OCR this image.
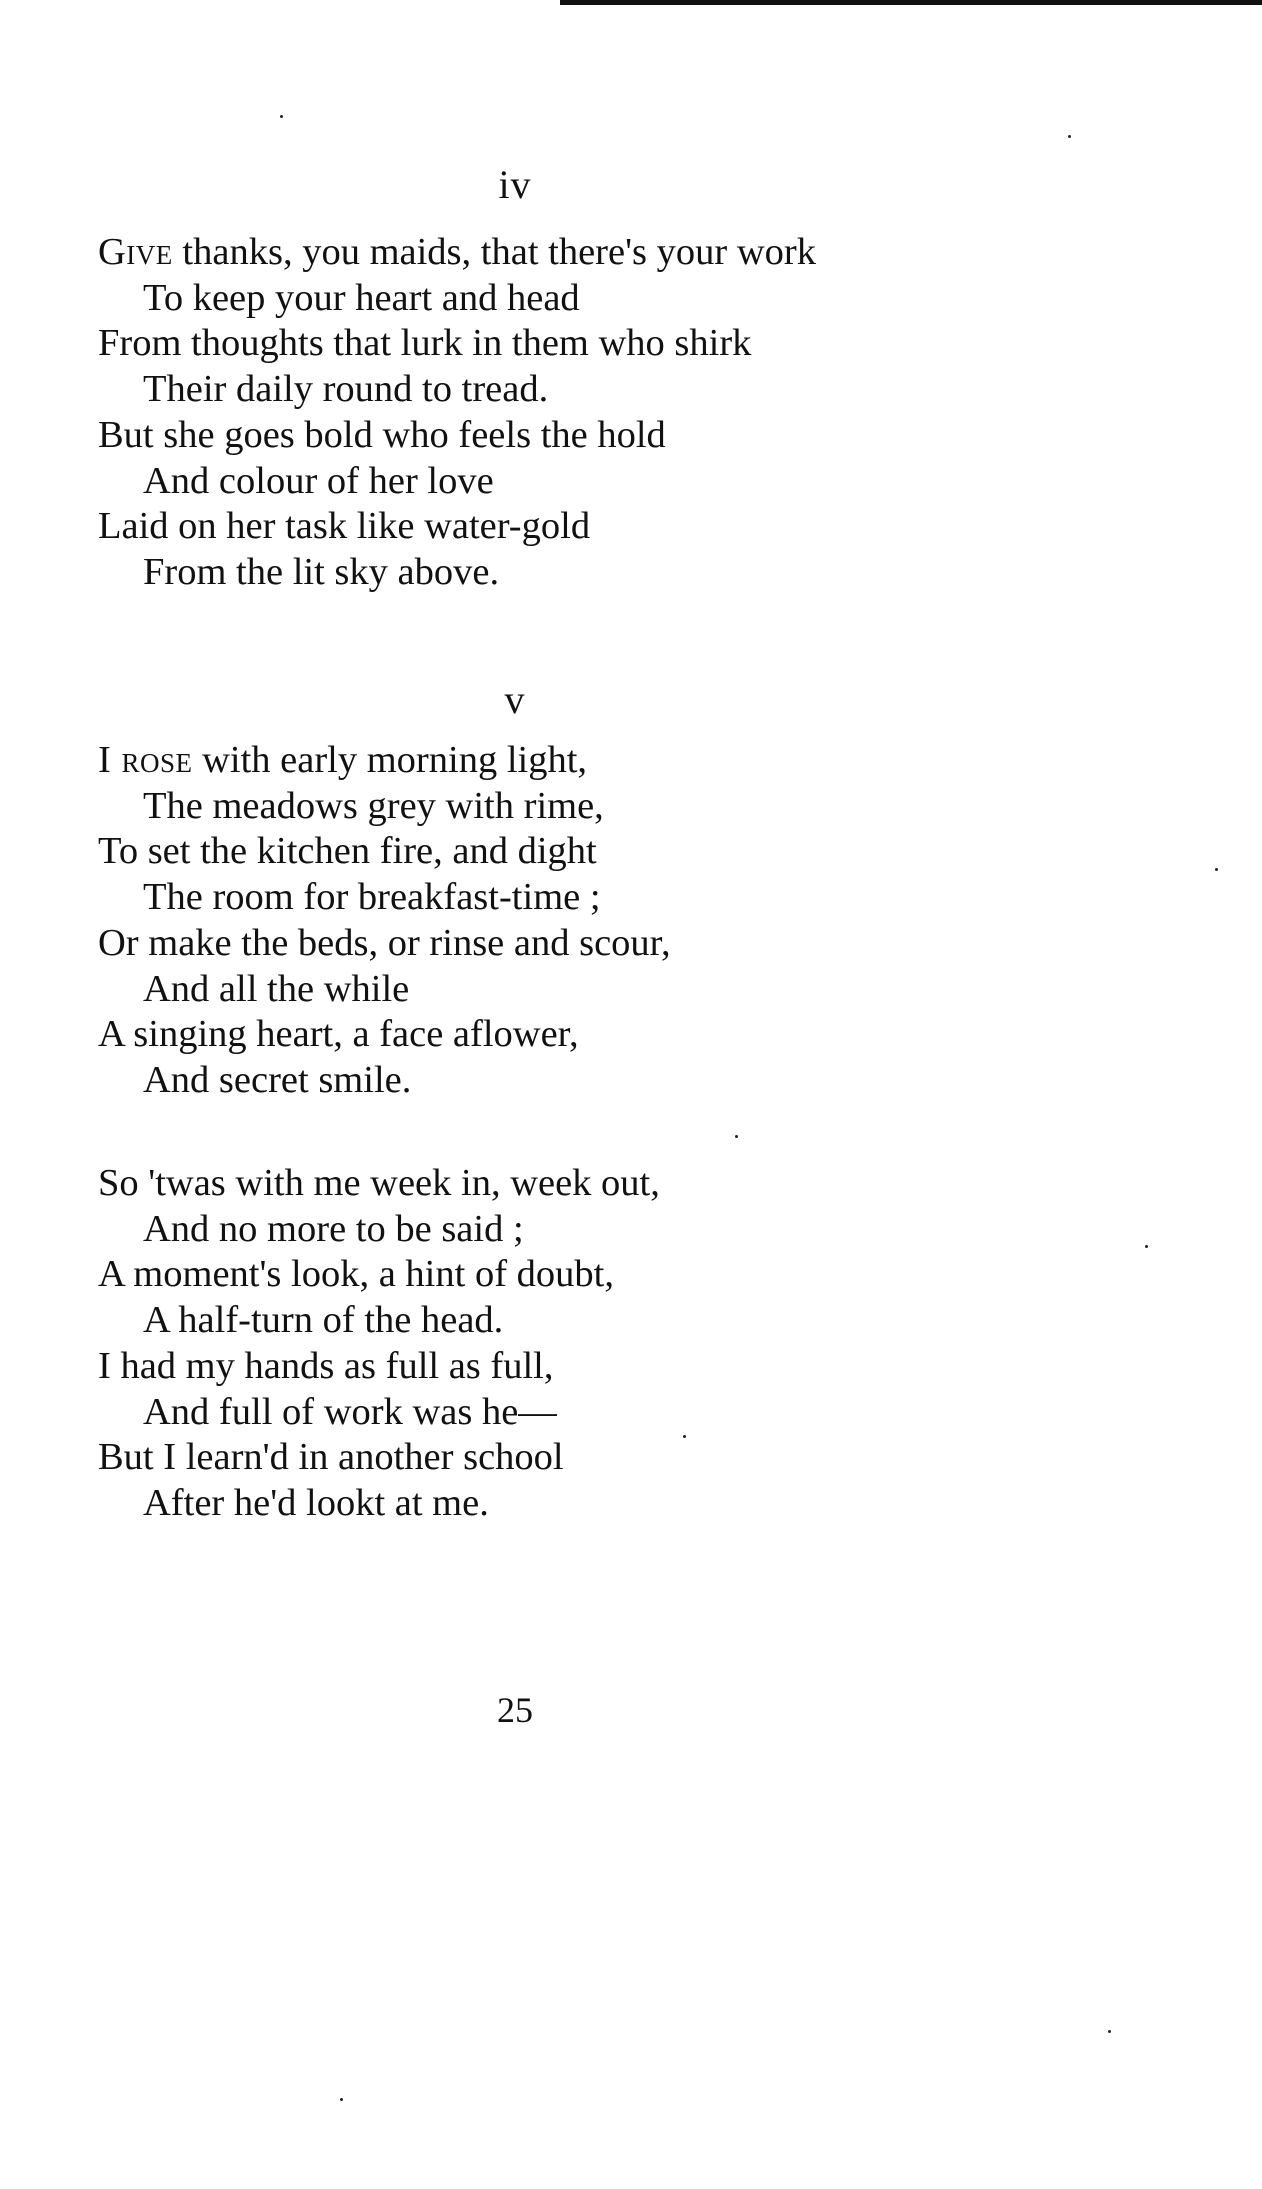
iv
Give thanks, you maids, that there's your work
To keep your heart and head
From thoughts that lurk in them who shirk
Their daily round to tread.
But she goes bold who feels the hold
And colour of her love
Laid on her task like water-gold
From the lit sky above.
v
I rose with early morning light,
The meadows grey with rime,
To set the kitchen fire, and dight
The room for breakfast-time ;
Or make the beds, or rinse and scour,
And all the while
A singing heart, a face aflower,
And secret smile.
So 'twas with me week in, week out,
And no more to be said ;
A moment's look, a hint of doubt,
A half-turn of the head.
I had my hands as full as full,
And full of work was he—
But I learn'd in another school
After he'd lookt at me.
25
